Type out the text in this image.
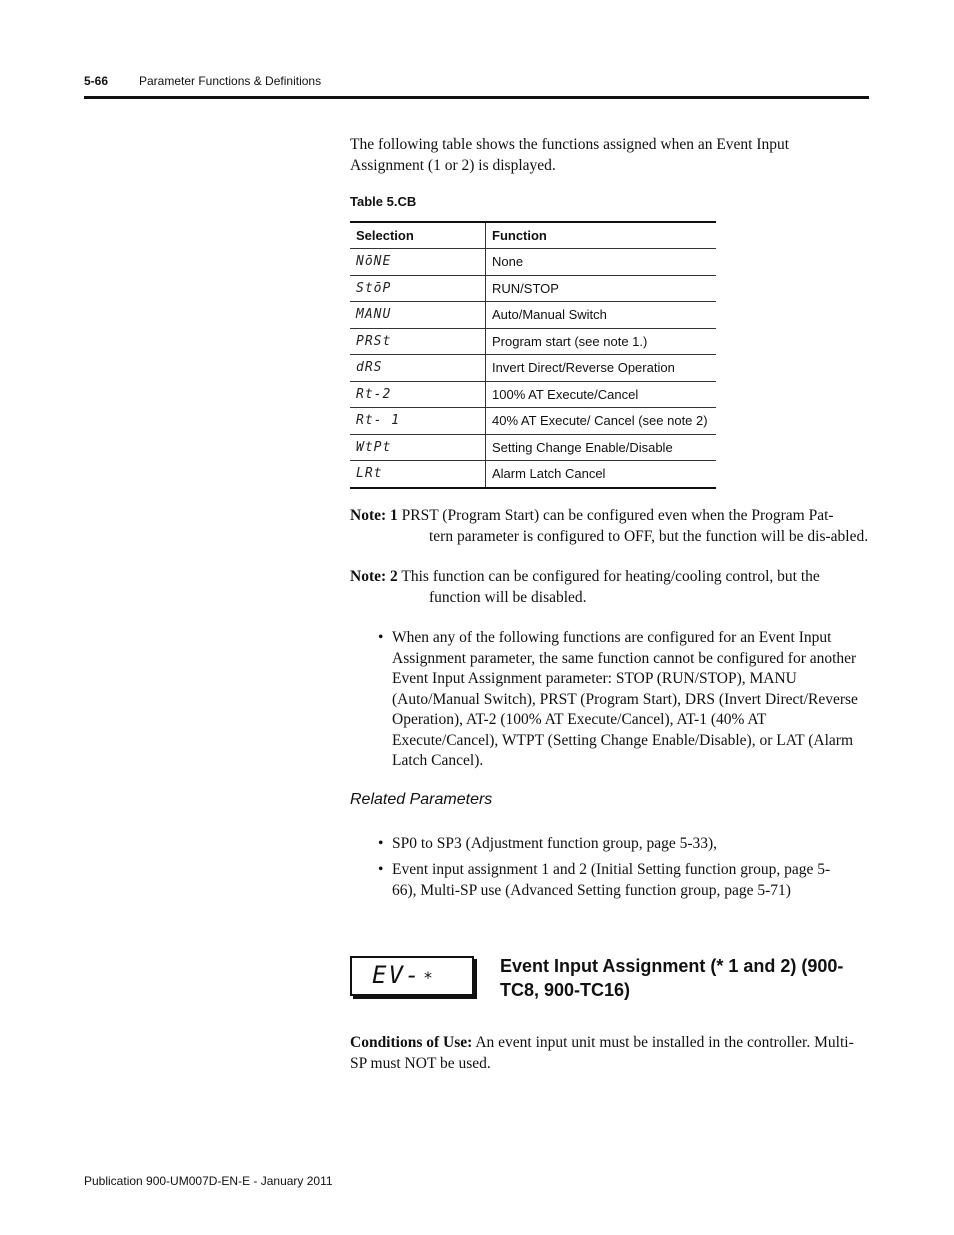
5-66	Parameter Functions & Definitions
The following table shows the functions assigned when an Event Input Assignment (1 or 2) is displayed.
Table 5.CB
Selection	Function
NōNE	None
StōP	RUN/STOP
MANU	Auto/Manual Switch
PRSt	Program start (see note 1.)
dRS	Invert Direct/Reverse Operation
Rt-2	100% AT Execute/Cancel
Rt- 1	40% AT Execute/ Cancel (see note 2)
WtPt	Setting Change Enable/Disable
LRt	Alarm Latch Cancel
Note: 1 PRST (Program Start) can be configured even when the Program Pat-
tern parameter is configured to OFF, but the function will be dis-abled.
Note: 2 This function can be configured for heating/cooling control, but the
function will be disabled.
• When any of the following functions are configured for an Event Input Assignment parameter, the same function cannot be configured for another Event Input Assignment parameter: STOP (RUN/STOP), MANU (Auto/Manual Switch), PRST (Program Start), DRS (Invert Direct/Reverse Operation), AT-2 (100% AT Execute/Cancel), AT-1 (40% AT Execute/Cancel), WTPT (Setting Change Enable/Disable), or LAT (Alarm Latch Cancel).
Related Parameters
• SP0 to SP3 (Adjustment function group, page 5-33),
• Event input assignment 1 and 2 (Initial Setting function group, page 5-66), Multi-SP use (Advanced Setting function group, page 5-71)
EV- *
Event Input Assignment (* 1 and 2) (900-TC8, 900-TC16)
Conditions of Use: An event input unit must be installed in the controller. Multi-SP must NOT be used.
Publication 900-UM007D-EN-E - January 2011
